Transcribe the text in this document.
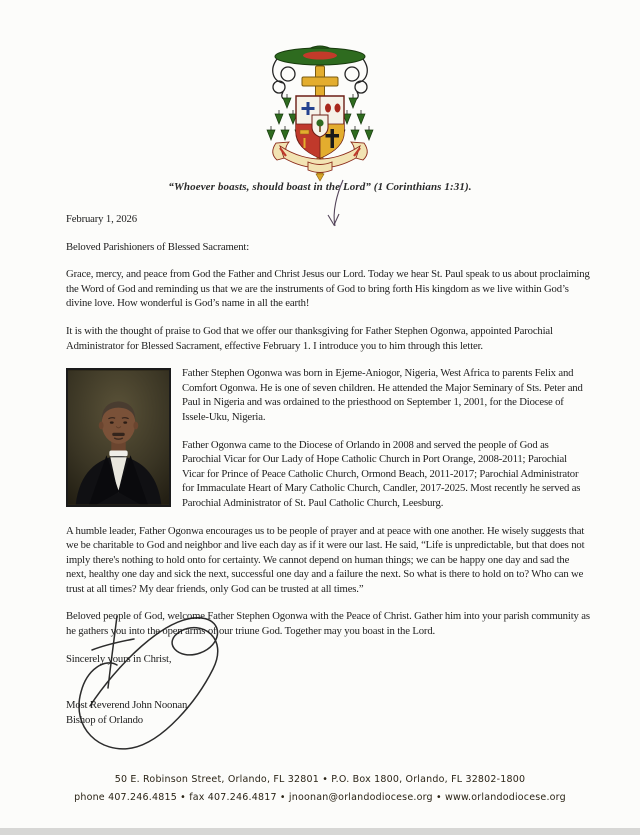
“Whoever boasts, should boast in the Lord” (1 Corinthians 1:31).
February 1, 2026
Beloved Parishioners of Blessed Sacrament:

Grace, mercy, and peace from God the Father and Christ Jesus our Lord. Today we hear St. Paul speak to us about proclaiming the Word of God and reminding us that we are the instruments of God to bring forth His kingdom as we live within God’s divine love. How wonderful is God’s name in all the earth!

It is with the thought of praise to God that we offer our thanksgiving for Father Stephen Ogonwa, appointed Parochial Administrator for Blessed Sacrament, effective February 1. I introduce you to him through this letter.

Father Stephen Ogonwa was born in Ejeme-Aniogor, Nigeria, West Africa to parents Felix and Comfort Ogonwa. He is one of seven children. He attended the Major Seminary of Sts. Peter and Paul in Nigeria and was ordained to the priesthood on September 1, 2001, for the Diocese of Issele-Uku, Nigeria.

Father Ogonwa came to the Diocese of Orlando in 2008 and served the people of God as Parochial Vicar for Our Lady of Hope Catholic Church in Port Orange, 2008-2011; Parochial Vicar for Prince of Peace Catholic Church, Ormond Beach, 2011-2017; Parochial Administrator for Immaculate Heart of Mary Catholic Church, Candler, 2017-2025. Most recently he served as Parochial Administrator of St. Paul Catholic Church, Leesburg.

A humble leader, Father Ogonwa encourages us to be people of prayer and at peace with one another. He wisely suggests that we be charitable to God and neighbor and live each day as if it were our last. He said, “Life is unpredictable, but that does not imply there's nothing to hold onto for certainty. We cannot depend on human things; we can be happy one day and sad the next, healthy one day and sick the next, successful one day and a failure the next. So what is there to hold on to? Who can we trust at all times? My dear friends, only God can be trusted at all times.”

Beloved people of God, welcome Father Stephen Ogonwa with the Peace of Christ. Gather him into your parish community as he gathers you into the open arms of our triune God. Together may you boast in the Lord.

Sincerely yours in Christ,
Most Reverend John Noonan
Bishop of Orlando
50 E. Robinson Street, Orlando, FL 32801 • P.O. Box 1800, Orlando, FL 32802-1800
phone 407.246.4815 • fax 407.246.4817 • jnoonan@orlandodiocese.org • www.orlandodiocese.org
